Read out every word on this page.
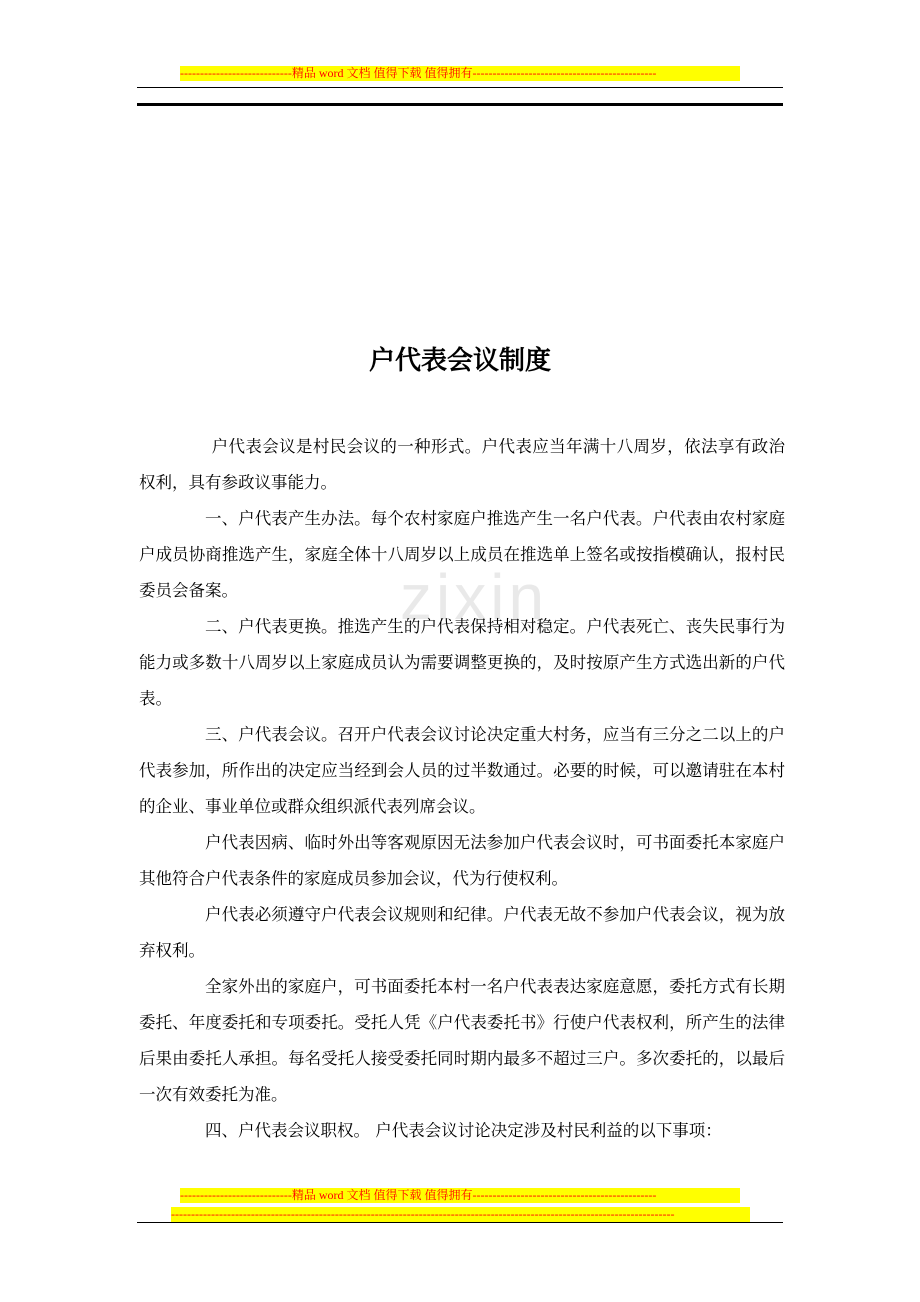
----------------------------精品 word 文档 值得下载 值得拥有----------------------------------------------
zixin
户代表会议制度

户代表会议是村民会议的一种形式。户代表应当年满十八周岁，依法享有政治权利，具有参政议事能力。

一、户代表产生办法。每个农村家庭户推选产生一名户代表。户代表由农村家庭户成员协商推选产生，家庭全体十八周岁以上成员在推选单上签名或按指模确认，报村民委员会备案。

二、户代表更换。推选产生的户代表保持相对稳定。户代表死亡、丧失民事行为能力或多数十八周岁以上家庭成员认为需要调整更换的，及时按原产生方式选出新的户代表。

三、户代表会议。召开户代表会议讨论决定重大村务，应当有三分之二以上的户代表参加，所作出的决定应当经到会人员的过半数通过。必要的时候，可以邀请驻在本村的企业、事业单位或群众组织派代表列席会议。

户代表因病、临时外出等客观原因无法参加户代表会议时，可书面委托本家庭户其他符合户代表条件的家庭成员参加会议，代为行使权利。

户代表必须遵守户代表会议规则和纪律。户代表无故不参加户代表会议，视为放弃权利。

全家外出的家庭户，可书面委托本村一名户代表表达家庭意愿，委托方式有长期委托、年度委托和专项委托。受托人凭《户代表委托书》行使户代表权利，所产生的法律后果由委托人承担。每名受托人接受委托同时期内最多不超过三户。多次委托的，以最后一次有效委托为准。

四、户代表会议职权。 户代表会议讨论决定涉及村民利益的以下事项：

----------------------------精品 word 文档 值得下载 值得拥有----------------------------------------------
------------------------------------------------------------------------------------------------------------------------------
